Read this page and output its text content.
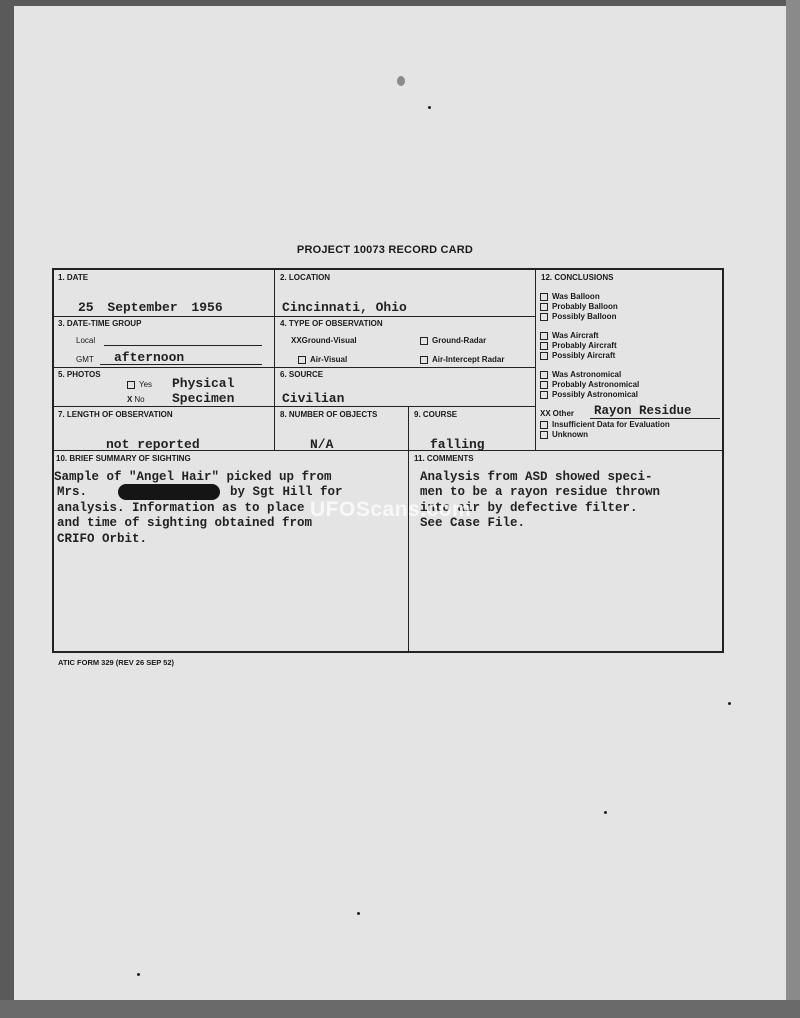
PROJECT 10073 RECORD CARD
1. DATE
25 September 1956
2. LOCATION
Cincinnati, Ohio
3. DATE-TIME GROUP
Local
GMT afternoon
4. TYPE OF OBSERVATION
XXGround-Visual	Ground-Radar
Air-Visual	Air-Intercept Radar
5. PHOTOS
Yes
X No
Physical
Specimen
6. SOURCE
Civilian
7. LENGTH OF OBSERVATION
not reported
8. NUMBER OF OBJECTS
N/A
9. COURSE
falling
10. BRIEF SUMMARY OF SIGHTING
Sample of "Angel Hair" picked up from
Mrs.	by Sgt Hill for
analysis. Information as to place
and time of sighting obtained from
CRIFO Orbit.
11. COMMENTS
Analysis from ASD showed speci-
men to be a rayon residue thrown
into air by defective filter.
See Case File.
12. CONCLUSIONS
Was Balloon
Probably Balloon
Possibly Balloon
Was Aircraft
Probably Aircraft
Possibly Aircraft
Was Astronomical
Probably Astronomical
Possibly Astronomical
XX Other Rayon Residue
Insufficient Data for Evaluation
Unknown
UFOScans.com
ATIC FORM 329 (REV 26 SEP 52)
